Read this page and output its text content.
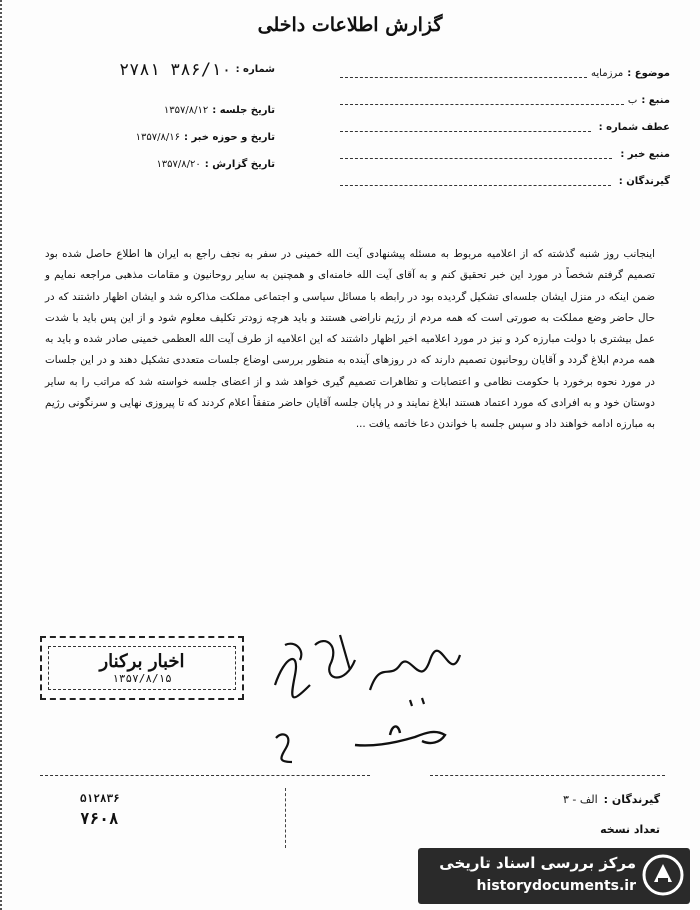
گزارش اطلاعات داخلی
موضوع :
مرزمایه
منبع :
ب
عطف شماره :
منبع خبر :
گیرندگان :
شماره :
۳۸۶/۱۰ ۲۷۸۱
تاریخ جلسه :
۱۳۵۷/۸/۱۲
تاریخ و حوزه خبر :
۱۳۵۷/۸/۱۶
تاریخ گزارش :
۱۳۵۷/۸/۲۰
اینجانب روز شنبه گذشته که از اعلامیه مربوط به مسئله پیشنهادی آیت الله خمینی در سفر به نجف راجع به ایران ها اطلاع حاصل شده بود تصمیم گرفتم شخصاً در مورد این خبر تحقیق کنم و به آقای آیت الله خامنه‌ای و همچنین به سایر روحانیون و مقامات مذهبی مراجعه نمایم و ضمن اینکه در منزل ایشان جلسه‌ای تشکیل گردیده بود در رابطه با مسائل سیاسی و اجتماعی مملکت مذاکره شد و ایشان اظهار داشتند که در حال حاضر وضع مملکت به صورتی است که همه مردم از رژیم ناراضی هستند و باید هرچه زودتر تکلیف معلوم شود و از این پس باید با شدت عمل بیشتری با دولت مبارزه کرد و نیز در مورد اعلامیه اخیر اظهار داشتند که این اعلامیه از طرف آیت الله العظمی خمینی صادر شده و باید به همه مردم ابلاغ گردد و آقایان روحانیون تصمیم دارند که در روزهای آینده به منظور بررسی اوضاع جلسات متعددی تشکیل دهند و در این جلسات در مورد نحوه برخورد با حکومت نظامی و اعتصابات و تظاهرات تصمیم گیری خواهد شد و از اعضای جلسه خواسته شد که مراتب را به سایر دوستان خود و به افرادی که مورد اعتماد هستند ابلاغ نمایند و در پایان جلسه آقایان حاضر متفقاً اعلام کردند که تا پیروزی نهایی و سرنگونی رژیم به مبارزه ادامه خواهند داد و سپس جلسه با خواندن دعا خاتمه یافت ...
اخبار برکنار
۱۳۵۷/۸/۱۵
۵۱۲۸۳۶
۷۶۰۸
گیرندگان :
الف - ۳
تعداد نسخه
مرکز بررسی اسناد تاریخی
historydocuments.ir
